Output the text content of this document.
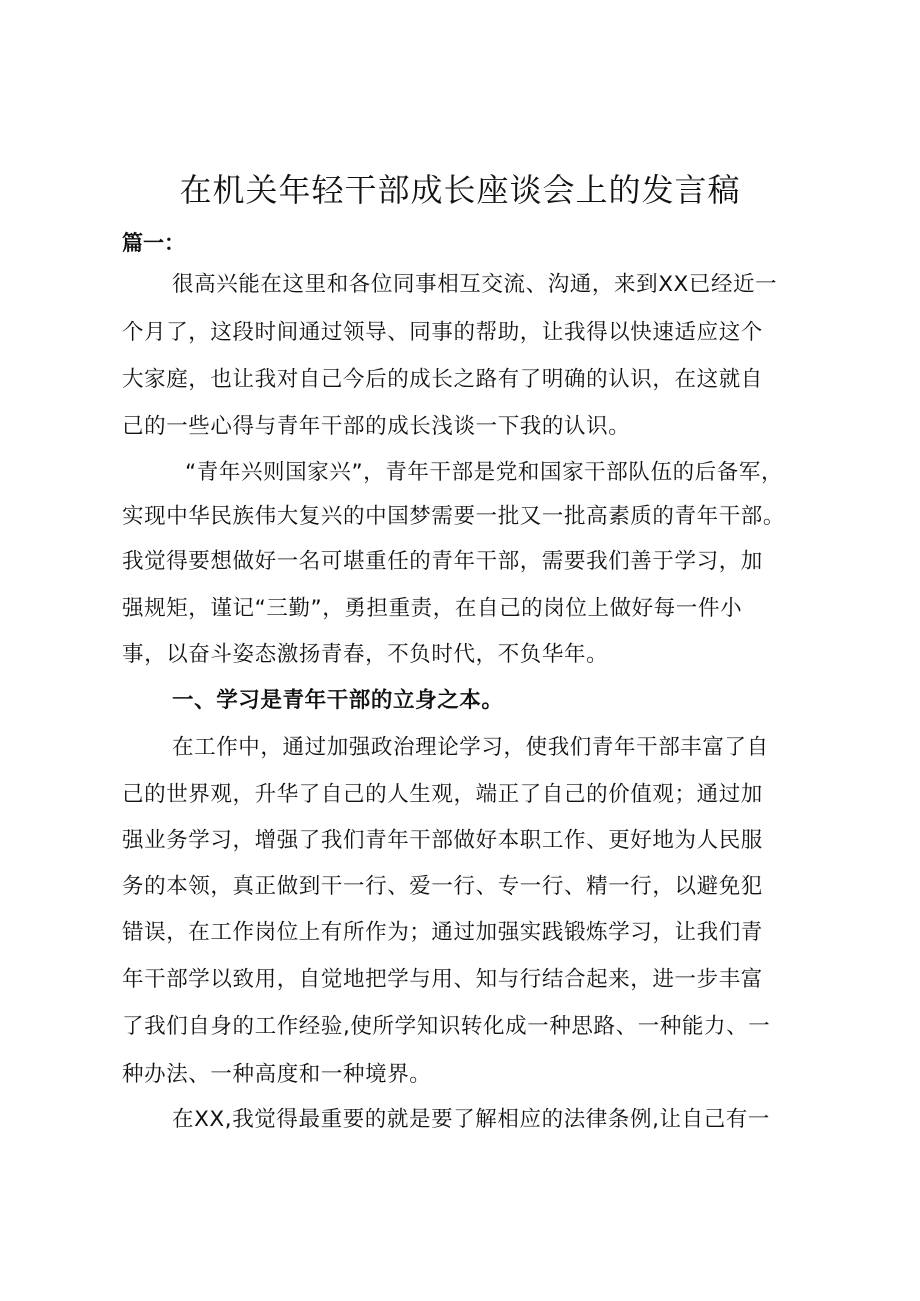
在机关年轻干部成长座谈会上的发言稿

篇一：

很高兴能在这里和各位同事相互交流、沟通，来到XX已经近一

个月了，这段时间通过领导、同事的帮助，让我得以快速适应这个

大家庭，也让我对自己今后的成长之路有了明确的认识，在这就自

己的一些心得与青年干部的成长浅谈一下我的认识。

“青年兴则国家兴”，青年干部是党和国家干部队伍的后备军，

实现中华民族伟大复兴的中国梦需要一批又一批高素质的青年干部。

我觉得要想做好一名可堪重任的青年干部，需要我们善于学习，加

强规矩，谨记“三勤”，勇担重责，在自己的岗位上做好每一件小

事，以奋斗姿态激扬青春，不负时代，不负华年。

一、学习是青年干部的立身之本。

在工作中，通过加强政治理论学习，使我们青年干部丰富了自

己的世界观，升华了自己的人生观，端正了自己的价值观；通过加

强业务学习，增强了我们青年干部做好本职工作、更好地为人民服

务的本领，真正做到干一行、爱一行、专一行、精一行，以避免犯

错误，在工作岗位上有所作为；通过加强实践锻炼学习，让我们青

年干部学以致用，自觉地把学与用、知与行结合起来，进一步丰富

了我们自身的工作经验,使所学知识转化成一种思路、一种能力、一

种办法、一种高度和一种境界。

在XX,我觉得最重要的就是要了解相应的法律条例,让自己有一
